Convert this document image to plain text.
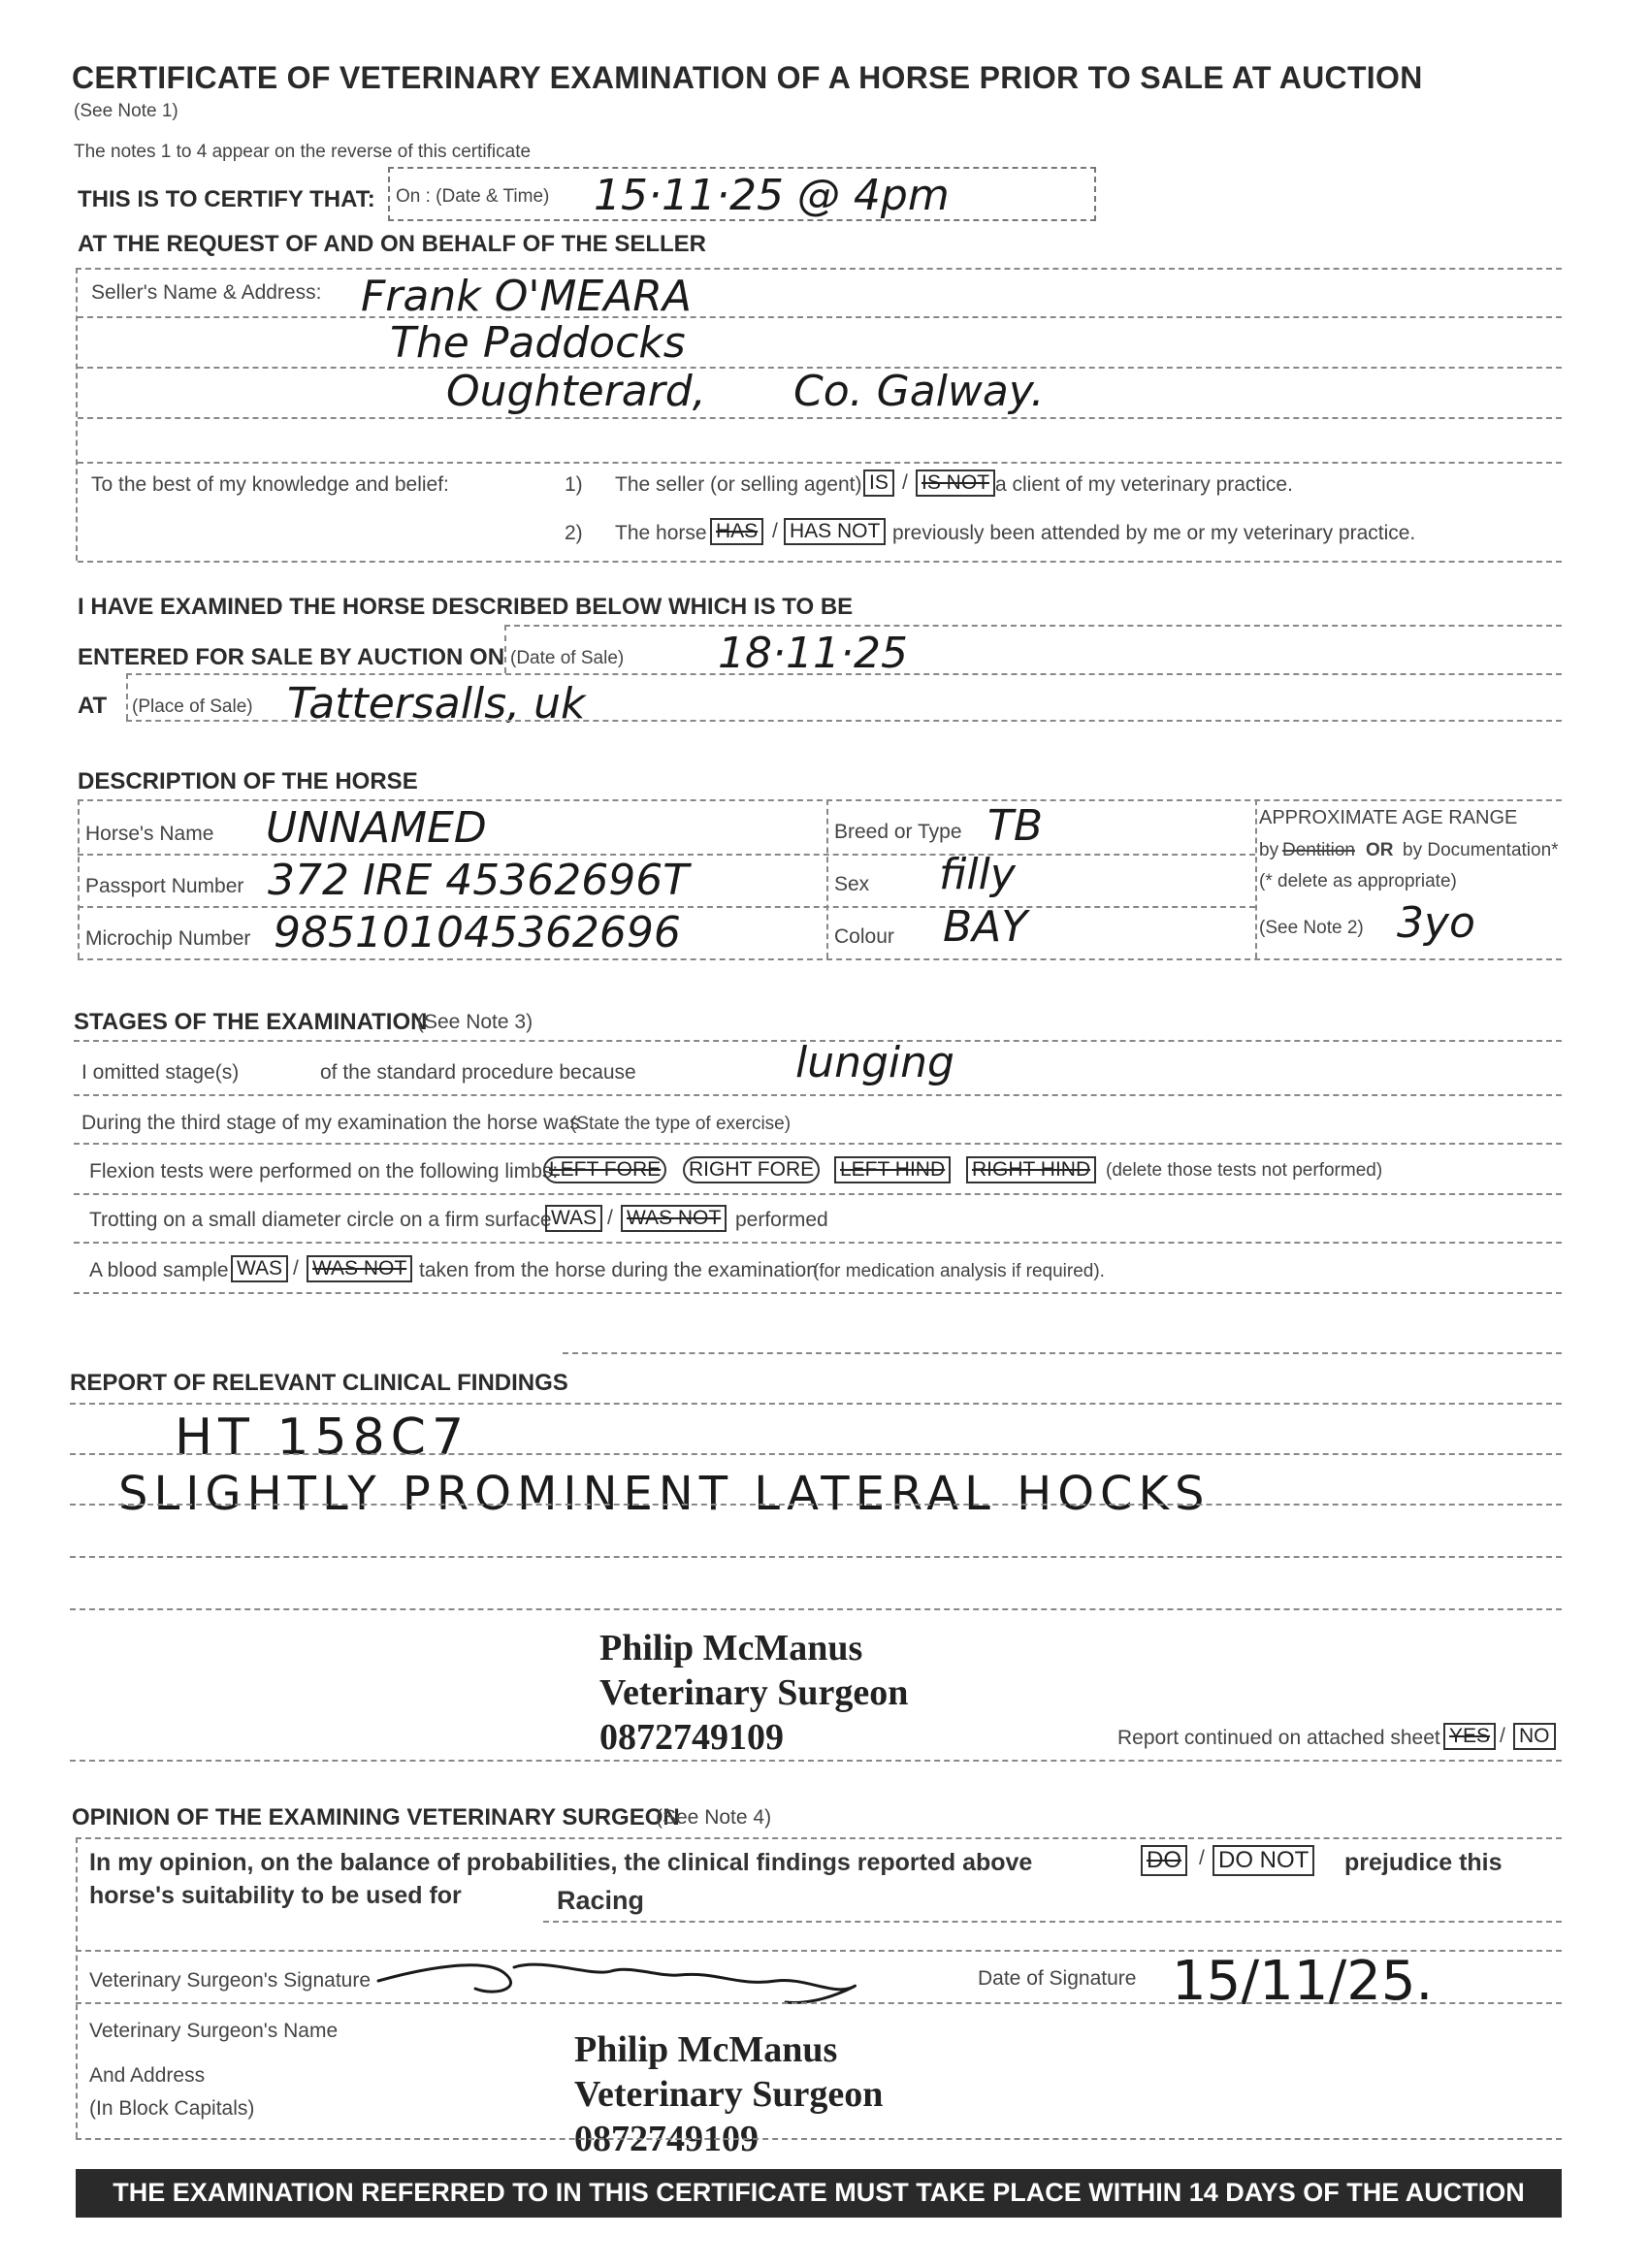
CERTIFICATE OF VETERINARY EXAMINATION OF A HORSE PRIOR TO SALE AT AUCTION
(See Note 1)
The notes 1 to 4 appear on the reverse of this certificate
THIS IS TO CERTIFY THAT: On : (Date & Time) 15·11·25 @ 4pm
AT THE REQUEST OF AND ON BEHALF OF THE SELLER
Seller's Name & Address: Frank O'MEARA
The Paddocks
Oughterard, Co. Galway.
To the best of my knowledge and belief:	1) The seller (or selling agent) IS / IS NOT a client of my veterinary practice.
2) The horse HAS / HAS NOT previously been attended by me or my veterinary practice.
I HAVE EXAMINED THE HORSE DESCRIBED BELOW WHICH IS TO BE
ENTERED FOR SALE BY AUCTION ON (Date of Sale) 18·11·25
AT (Place of Sale) Tattersalls, uk
DESCRIPTION OF THE HORSE
Horse's Name UNNAMED
Passport Number 372 IRE 45362696T
Microchip Number 985101045362696
Breed or Type TB
Sex filly
Colour BAY
APPROXIMATE AGE RANGE
by Dentition OR by Documentation*
(* delete as appropriate)
(See Note 2) 3yo
STAGES OF THE EXAMINATION
(See Note 3)
I omitted stage(s)	of the standard procedure because	lunging
During the third stage of my examination the horse was
(State the type of exercise)
Flexion tests were performed on the following limbs:
LEFT FORE RIGHT FORE LEFT HIND RIGHT HIND (delete those tests not performed)
Trotting on a small diameter circle on a firm surface WAS / WAS NOT performed
A blood sample WAS / WAS NOT taken from the horse during the examination
(for medication analysis if required).
REPORT OF RELEVANT CLINICAL FINDINGS
HT 158C7
SLIGHTLY PROMINENT LATERAL HOCKS
Philip McManus
Veterinary Surgeon
0872749109	Report continued on attached sheet YES / NO
OPINION OF THE EXAMINING VETERINARY SURGEON
(See Note 4)
In my opinion, on the balance of probabilities, the clinical findings reported above	DO / DO NOT prejudice this
horse's suitability to be used for	Racing
Veterinary Surgeon's Signature	Date of Signature 15/11/25.
Veterinary Surgeon's Name
And Address
(In Block Capitals)
Philip McManus
Veterinary Surgeon
0872749109
THE EXAMINATION REFERRED TO IN THIS CERTIFICATE MUST TAKE PLACE WITHIN 14 DAYS OF THE AUCTION
